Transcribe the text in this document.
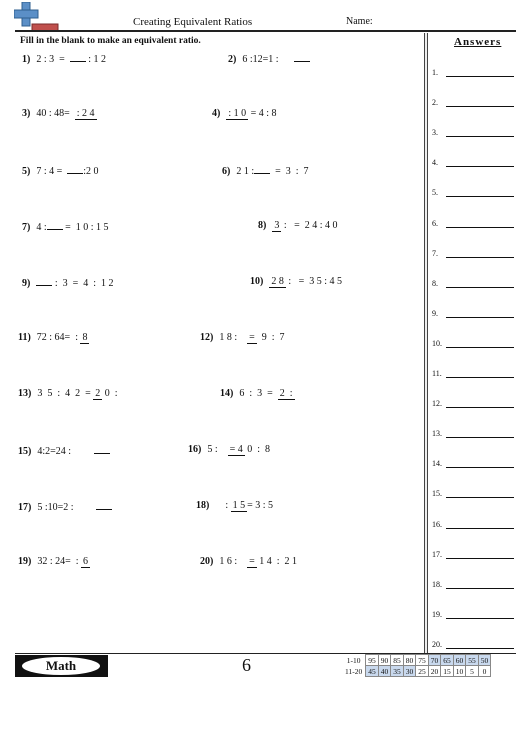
Creating Equivalent Ratios	Name:
Fill in the blank to make an equivalent ratio.	Answers
1.
2.
3.
4.
5.
6.
7.
8.
9.
10.
11.
12.
13.
14.
15.
16.
17.
18.
19.
20.
1) 2 : 3  =   : 1 2	2) 6 :12=1 :
3) 40 : 48=  : 2 4	4) : 1 0 = 4 : 8
5) 7 : 4 =  :2 0	6) 2 1 :  =  3  :  7
7) 4 : =  1 0 : 1 5	8) 3 :   =  2 4 : 4 0
9) :  3  =  4  :  1 2	10) 2 8 :   =  3 5 : 4 5
11) 72 : 64=  : 8	12) 1 8 :    =  9  :  7
13) 3  5  :  4  2  = 2 0  :	14) 6  :  3  =  2  :
15) 4:2=24 :	16) 5 :    = 4 0  :  8
17) 5 :10=2 :	18)    : 1 5 = 3 : 5
19) 32 : 24=  : 6	20) 1 6 :    = 1 4  :  2 1
Math	6	1-10	95	90	85	80	75	70	65	60	55	50
11-20	45	40	35	30	25	20	15	10	5	0
